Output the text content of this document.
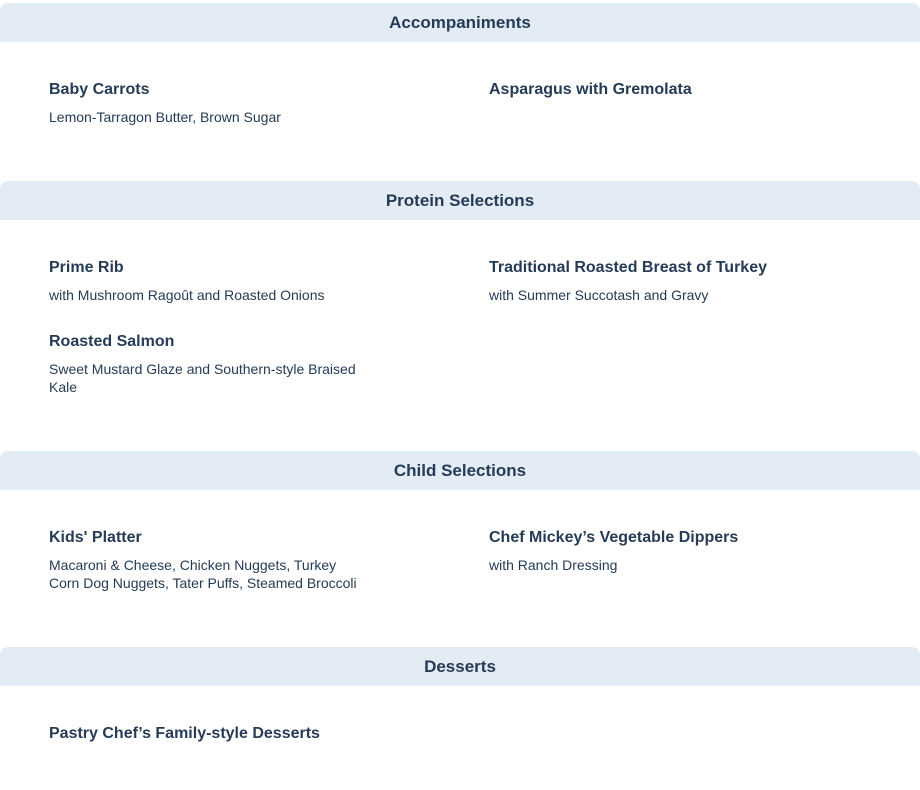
Accompaniments
Baby Carrots
Lemon-Tarragon Butter, Brown Sugar
Asparagus with Gremolata
Protein Selections
Prime Rib
with Mushroom Ragoût and Roasted Onions
Traditional Roasted Breast of Turkey
with Summer Succotash and Gravy
Roasted Salmon
Sweet Mustard Glaze and Southern-style Braised Kale
Child Selections
Kids' Platter
Macaroni & Cheese, Chicken Nuggets, Turkey Corn Dog Nuggets, Tater Puffs, Steamed Broccoli
Chef Mickey’s Vegetable Dippers
with Ranch Dressing
Desserts
Pastry Chef’s Family-style Desserts
